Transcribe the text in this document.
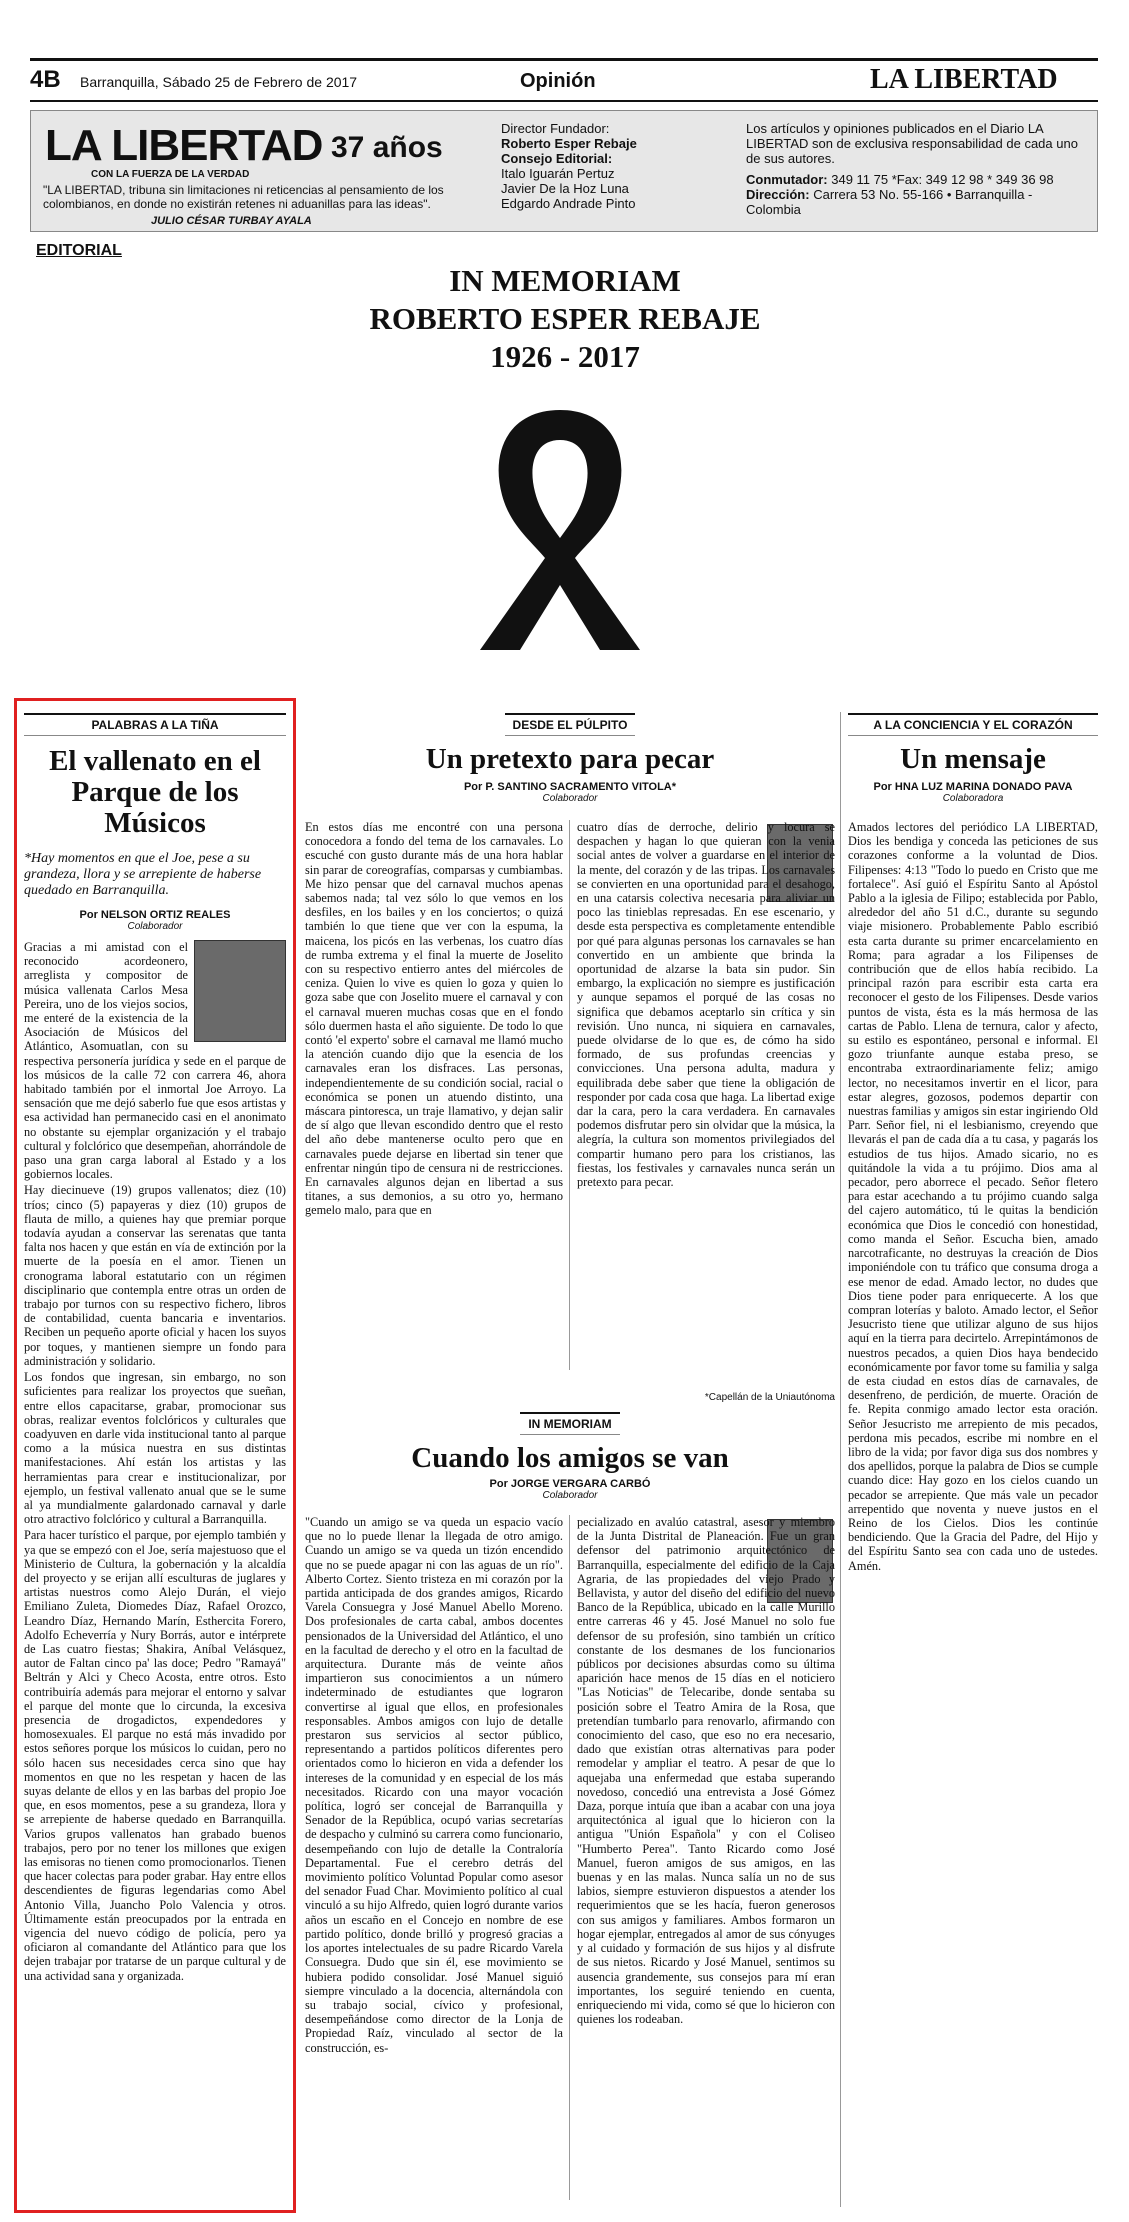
4B Barranquilla, Sábado 25 de Febrero de 2017	Opinión	LA LIBERTAD
LA LIBERTAD 37 años
CON LA FUERZA DE LA VERDAD
"LA LIBERTAD, tribuna sin limitaciones ni reticencias al pensamiento de los colombianos, en donde no existirán retenes ni aduanillas para las ideas".
JULIO CÉSAR TURBAY AYALA
Director Fundador:
Roberto Esper Rebaje
Consejo Editorial:
Italo Iguarán Pertuz
Javier De la Hoz Luna
Edgardo Andrade Pinto
Los artículos y opiniones publicados en el Diario LA LIBERTAD son de exclusiva responsabilidad de cada uno de sus autores.
Conmutador: 349 11 75 *Fax: 349 12 98 * 349 36 98
Dirección: Carrera 53 No. 55-166 • Barranquilla - Colombia
EDITORIAL
IN MEMORIAM
ROBERTO ESPER REBAJE
1926 - 2017
PALABRAS A LA TIÑA
El vallenato en el Parque de los Músicos
*Hay momentos en que el Joe, pese a su grandeza, llora y se arrepiente de haberse quedado en Barranquilla.
Por NELSON ORTIZ REALES
Colaborador

Gracias a mi amistad con el reconocido acordeonero, arreglista y compositor de música vallenata Carlos Mesa Pereira, uno de los viejos socios, me enteré de la existencia de la Asociación de Músicos del Atlántico, Asomuatlan, con su respectiva personería jurídica y sede en el parque de los músicos de la calle 72 con carrera 46, ahora habitado también por el inmortal Joe Arroyo. La sensación que me dejó saberlo fue que esos artistas y esa actividad han permanecido casi en el anonimato no obstante su ejemplar organización y el trabajo cultural y folclórico que desempeñan, ahorrándole de paso una gran carga laboral al Estado y a los gobiernos locales.

Hay diecinueve (19) grupos vallenatos; diez (10) tríos; cinco (5) papayeras y diez (10) grupos de flauta de millo, a quienes hay que premiar porque todavía ayudan a conservar las serenatas que tanta falta nos hacen y que están en vía de extinción por la muerte de la poesía en el amor. Tienen un cronograma laboral estatutario con un régimen disciplinario que contempla entre otras un orden de trabajo por turnos con su respectivo fichero, libros de contabilidad, cuenta bancaria e inventarios. Reciben un pequeño aporte oficial y hacen los suyos por toques, y mantienen siempre un fondo para administración y solidario.

Los fondos que ingresan, sin embargo, no son suficientes para realizar los proyectos que sueñan, entre ellos capacitarse, grabar, promocionar sus obras, realizar eventos folclóricos y culturales que coadyuven en darle vida institucional tanto al parque como a la música nuestra en sus distintas manifestaciones. Ahí están los artistas y las herramientas para crear e institucionalizar, por ejemplo, un festival vallenato anual que se le sume al ya mundialmente galardonado carnaval y darle otro atractivo folclórico y cultural a Barranquilla.

Para hacer turístico el parque, por ejemplo también y ya que se empezó con el Joe, sería majestuoso que el Ministerio de Cultura, la gobernación y la alcaldía del proyecto y se erijan allí esculturas de juglares y artistas nuestros como Alejo Durán, el viejo Emiliano Zuleta, Diomedes Díaz, Rafael Orozco, Leandro Díaz, Hernando Marín, Esthercita Forero, Adolfo Echeverría y Nury Borrás, autor e intérprete de Las cuatro fiestas; Shakira, Aníbal Velásquez, autor de Faltan cinco pa' las doce; Pedro "Ramayá" Beltrán y Alci y Checo Acosta, entre otros. Esto contribuiría además para mejorar el entorno y salvar el parque del monte que lo circunda, la excesiva presencia de drogadictos, expendedores y homosexuales. El parque no está más invadido por estos señores porque los músicos lo cuidan, pero no sólo hacen sus necesidades cerca sino que hay momentos en que no les respetan y hacen de las suyas delante de ellos y en las barbas del propio Joe que, en esos momentos, pese a su grandeza, llora y se arrepiente de haberse quedado en Barranquilla. Varios grupos vallenatos han grabado buenos trabajos, pero por no tener los millones que exigen las emisoras no tienen como promocionarlos. Tienen que hacer colectas para poder grabar. Hay entre ellos descendientes de figuras legendarias como Abel Antonio Villa, Juancho Polo Valencia y otros. Últimamente están preocupados por la entrada en vigencia del nuevo código de policía, pero ya oficiaron al comandante del Atlántico para que los dejen trabajar por tratarse de un parque cultural y de una actividad sana y organizada.

DESDE EL PÚLPITO
Un pretexto para pecar
Por P. SANTINO SACRAMENTO VITOLA*
Colaborador
En estos días me encontré con una persona conocedora a fondo del tema de los carnavales. Lo escuché con gusto durante más de una hora hablar sin parar de coreografías, comparsas y cumbiambas. Me hizo pensar que del carnaval muchos apenas sabemos nada; tal vez sólo lo que vemos en los desfiles, en los bailes y en los conciertos; o quizá también lo que tiene que ver con la espuma, la maicena, los picós en las verbenas, los cuatro días de rumba extrema y el final la muerte de Joselito con su respectivo entierro antes del miércoles de ceniza. Quien lo vive es quien lo goza y quien lo goza sabe que con Joselito muere el carnaval y con el carnaval mueren muchas cosas que en el fondo sólo duermen hasta el año siguiente. De todo lo que contó 'el experto' sobre el carnaval me llamó mucho la atención cuando dijo que la esencia de los carnavales eran los disfraces. Las personas, independientemente de su condición social, racial o económica se ponen un atuendo distinto, una máscara pintoresca, un traje llamativo, y dejan salir de sí algo que llevan escondido dentro que el resto del año debe mantenerse oculto pero que en carnavales puede dejarse en libertad sin tener que enfrentar ningún tipo de censura ni de restricciones. En carnavales algunos dejan en libertad a sus titanes, a sus demonios, a su otro yo, hermano gemelo malo, para que en
cuatro días de derroche, delirio y locura se despachen y hagan lo que quieran con la venia social antes de volver a guardarse en el interior de la mente, del corazón y de las tripas. Los carnavales se convierten en una oportunidad para el desahogo, en una catarsis colectiva necesaria para aliviar un poco las tinieblas represadas. En ese escenario, y desde esta perspectiva es completamente entendible por qué para algunas personas los carnavales se han convertido en un ambiente que brinda la oportunidad de alzarse la bata sin pudor. Sin embargo, la explicación no siempre es justificación y aunque sepamos el porqué de las cosas no significa que debamos aceptarlo sin crítica y sin revisión. Uno nunca, ni siquiera en carnavales, puede olvidarse de lo que es, de cómo ha sido formado, de sus profundas creencias y convicciones. Una persona adulta, madura y equilibrada debe saber que tiene la obligación de responder por cada cosa que haga. La libertad exige dar la cara, pero la cara verdadera. En carnavales podemos disfrutar pero sin olvidar que la música, la alegría, la cultura son momentos privilegiados del compartir humano pero para los cristianos, las fiestas, los festivales y carnavales nunca serán un pretexto para pecar.
*Capellán de la Uniautónoma
IN MEMORIAM
Cuando los amigos se van
Por JORGE VERGARA CARBÓ
Colaborador
"Cuando un amigo se va queda un espacio vacío que no lo puede llenar la llegada de otro amigo. Cuando un amigo se va queda un tizón encendido que no se puede apagar ni con las aguas de un río". Alberto Cortez. Siento tristeza en mi corazón por la partida anticipada de dos grandes amigos, Ricardo Varela Consuegra y José Manuel Abello Moreno. Dos profesionales de carta cabal, ambos docentes pensionados de la Universidad del Atlántico, el uno en la facultad de derecho y el otro en la facultad de arquitectura. Durante más de veinte años impartieron sus conocimientos a un número indeterminado de estudiantes que lograron convertirse al igual que ellos, en profesionales responsables. Ambos amigos con lujo de detalle prestaron sus servicios al sector público, representando a partidos políticos diferentes pero orientados como lo hicieron en vida a defender los intereses de la comunidad y en especial de los más necesitados. Ricardo con una mayor vocación política, logró ser concejal de Barranquilla y Senador de la República, ocupó varias secretarías de despacho y culminó su carrera como funcionario, desempeñando con lujo de detalle la Contraloría Departamental. Fue el cerebro detrás del movimiento político Voluntad Popular como asesor del senador Fuad Char. Movimiento político al cual vinculó a su hijo Alfredo, quien logró durante varios años un escaño en el Concejo en nombre de ese partido político, donde brilló y progresó gracias a los aportes intelectuales de su padre Ricardo Varela Consuegra. Dudo que sin él, ese movimiento se hubiera podido consolidar. José Manuel siguió siempre vinculado a la docencia, alternándola con su trabajo social, cívico y profesional, desempeñándose como director de la Lonja de Propiedad Raíz, vinculado al sector de la construcción, es-
pecializado en avalúo catastral, asesor y miembro de la Junta Distrital de Planeación. Fue un gran defensor del patrimonio arquitectónico de Barranquilla, especialmente del edificio de la Caja Agraria, de las propiedades del viejo Prado y Bellavista, y autor del diseño del edificio del nuevo Banco de la República, ubicado en la calle Murillo entre carreras 46 y 45. José Manuel no solo fue defensor de su profesión, sino también un crítico constante de los desmanes de los funcionarios públicos por decisiones absurdas como su última aparición hace menos de 15 días en el noticiero "Las Noticias" de Telecaribe, donde sentaba su posición sobre el Teatro Amira de la Rosa, que pretendían tumbarlo para renovarlo, afirmando con conocimiento del caso, que eso no era necesario, dado que existían otras alternativas para poder remodelar y ampliar el teatro. A pesar de que lo aquejaba una enfermedad que estaba superando novedoso, concedió una entrevista a José Gómez Daza, porque intuía que iban a acabar con una joya arquitectónica al igual que lo hicieron con la antigua "Unión Española" y con el Coliseo "Humberto Perea". Tanto Ricardo como José Manuel, fueron amigos de sus amigos, en las buenas y en las malas. Nunca salía un no de sus labios, siempre estuvieron dispuestos a atender los requerimientos que se les hacía, fueron generosos con sus amigos y familiares. Ambos formaron un hogar ejemplar, entregados al amor de sus cónyuges y al cuidado y formación de sus hijos y al disfrute de sus nietos. Ricardo y José Manuel, sentimos su ausencia grandemente, sus consejos para mí eran importantes, los seguiré teniendo en cuenta, enriqueciendo mi vida, como sé que lo hicieron con quienes los rodeaban.
A LA CONCIENCIA Y EL CORAZÓN
Un mensaje
Por HNA LUZ MARINA DONADO PAVA
Colaboradora
Amados lectores del periódico LA LIBERTAD, Dios les bendiga y conceda las peticiones de sus corazones conforme a la voluntad de Dios. Filipenses: 4:13 "Todo lo puedo en Cristo que me fortalece". Así guió el Espíritu Santo al Apóstol Pablo a la iglesia de Filipo; establecida por Pablo, alrededor del año 51 d.C., durante su segundo viaje misionero. Probablemente Pablo escribió esta carta durante su primer encarcelamiento en Roma; para agradar a los Filipenses de contribución que de ellos había recibido. La principal razón para escribir esta carta era reconocer el gesto de los Filipenses. Desde varios puntos de vista, ésta es la más hermosa de las cartas de Pablo. Llena de ternura, calor y afecto, su estilo es espontáneo, personal e informal. El gozo triunfante aunque estaba preso, se encontraba extraordinariamente feliz; amigo lector, no necesitamos invertir en el licor, para estar alegres, gozosos, podemos departir con nuestras familias y amigos sin estar ingiriendo Old Parr. Señor fiel, ni el lesbianismo, creyendo que llevarás el pan de cada día a tu casa, y pagarás los estudios de tus hijos. Amado sicario, no es quitándole la vida a tu prójimo. Dios ama al pecador, pero aborrece el pecado. Señor fletero para estar acechando a tu prójimo cuando salga del cajero automático, tú le quitas la bendición económica que Dios le concedió con honestidad, como manda el Señor. Escucha bien, amado narcotraficante, no destruyas la creación de Dios imponiéndole con tu tráfico que consuma droga a ese menor de edad. Amado lector, no dudes que Dios tiene poder para enriquecerte. A los que compran loterías y baloto. Amado lector, el Señor Jesucristo tiene que utilizar alguno de sus hijos aquí en la tierra para decirtelo. Arrepintámonos de nuestros pecados, a quien Dios haya bendecido económicamente por favor tome su familia y salga de esta ciudad en estos días de carnavales, de desenfreno, de perdición, de muerte. Oración de fe. Repita conmigo amado lector esta oración. Señor Jesucristo me arrepiento de mis pecados, perdona mis pecados, escribe mi nombre en el libro de la vida; por favor diga sus dos nombres y dos apellidos, porque la palabra de Dios se cumple cuando dice: Hay gozo en los cielos cuando un pecador se arrepiente. Que más vale un pecador arrepentido que noventa y nueve justos en el Reino de los Cielos. Dios les continúe bendiciendo. Que la Gracia del Padre, del Hijo y del Espíritu Santo sea con cada uno de ustedes. Amén.
